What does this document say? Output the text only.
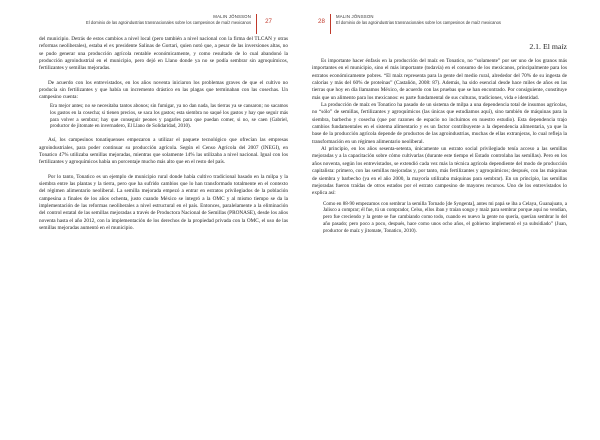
MALIN JÖNSSON
El dominio de las agroindustrias transnacionales sobre los campesinos de maíz mexicanos 27

del municipio. Detrás de estos cambios a nivel local (pero también a nivel nacional con la firma del TLCAN y otras reformas neoliberales), estaba el ex presidente Salinas de Gortari, quien notó que, a pesar de las inversiones altas, no se pudo generar una producción agrícola rentable económicamente, y como resultado de lo cual abandonó la producción agroindustrial en el municipio, pero dejó en Llano donde ya no se podía sembrar sin agroquímicos, fertilizantes y semillas mejoradas.

De acuerdo con los entrevistados, en los años noventa iniciaron los problemas graves de que el cultivo no producía sin fertilizantes y que había un incremento drástico en las plagas que terminaban con las cosechas. Un campesino cuenta:

Era mejor antes; no se necesitaba tantos abonos; sin fumigar, ya no dan nada, las tierras ya se cansaron; no sacamos los gastos en la cosecha; si tienen precios, se saca los gastos; esta siembra no saqué los gastos y hay que seguir más para volver a sembrar; hay que conseguir peones y pagarles para que puedan comer, si no, se caen (Gabriel, productor de jitomate en invernadero, El Llano de Solidaridad, 2010).

Así, los campesinos tonatiquenses empezaron a utilizar el paquete tecnológico que ofrecían las empresas agroindustriales, para poder continuar su producción agrícola. Según el Censo Agrícola del 2007 (INEGI), en Tonatico 47% utilizaba semillas mejoradas, mientras que solamente 14% las utilizaba a nivel nacional. Igual con los fertilizantes y agroquímicos había un porcentaje mucho más alto que en el resto del país.

Por lo tanto, Tonatico es un ejemplo de municipio rural donde había cultivo tradicional basado en la milpa y la siembra entre las plantas y la tierra, pero que ha sufrido cambios que lo han transformado totalmente en el contexto del régimen alimentario neoliberal. La semilla mejorada empezó a entrar en estratos privilegiados de la población campesina a finales de los años ochenta, justo cuando México se integró a la OMC y al mismo tiempo se da la implementación de las reformas neoliberales a nivel estructural en el país. Entonces, paralelamente a la eliminación del control estatal de las semillas mejoradas a través de Productora Nacional de Semillas (PRONASE), desde los años noventa hasta el año 2012, con la implementación de los derechos de la propiedad privada con la OMC, el uso de las semillas mejoradas aumentó en el municipio.

28
MALIN JÖNSSON
El dominio de las agroindustrias transnacionales sobre los campesinos de maíz mexicanos
2.1. El maíz

Es importante hacer énfasis en la producción del maíz en Tonatico, no “solamente” por ser uno de los granos más importantes en el municipio, sino el más importante (todavía) en el consumo de los mexicanos, principalmente para los estratos económicamente pobres. “El maíz representa para la gente del medio rural, alrededor del 70% de su ingesta de calorías y más del 60% de proteínas” (Castañón, 2008: 87). Además, ha sido esencial desde hace miles de años en las tierras que hoy en día llamamos México, de acuerdo con las pruebas que se han encontrado. Por consiguiente, constituye más que un alimento para los mexicanos: es parte fundamental de sus culturas, tradiciones, vida e identidad.

La producción de maíz en Tonatico ha pasado de un sistema de milpa a una dependencia total de insumos agrícolas, no “sólo” de semillas, fertilizantes y agroquímicos (las únicas que estudiamos aquí), sino también de máquinas para la siembra, barbecho y cosecha (que por razones de espacio no incluimos en nuestro estudio). Esta dependencia trajo cambios fundamentales en el sistema alimentario y es un factor contribuyente a la dependencia alimentaria, ya que la base de la producción agrícola depende de productos de las agroindustrias, muchas de ellas extranjeras, lo cual refleja la transformación en un régimen alimentario neoliberal.

Al principio, en los años sesenta-setenta, únicamente un estrato social privilegiado tenía acceso a las semillas mejoradas y a la capacitación sobre cómo cultivarlas (durante este tiempo el Estado controlaba las semillas). Pero en los años noventa, según los entrevistados, se extendió cada vez más la técnica agrícola dependiente del modo de producción capitalista: primero, con las semillas mejoradas y, por tanto, más fertilizantes y agroquímicos; después, con las máquinas de siembra y barbecho (ya en el año 2000, la mayoría utilizaba máquinas para sembrar). En un principio, las semillas mejoradas fueron traídas de otros estados por el estrato campesino de mayores recursos. Uno de los entrevistados lo explica así:

Como en 88-90 empezamos con sembrar la semilla Tornado [de Syngenta], antes mi papá se iba a Celaya, Guanajuato, a Jalisco a comprar; él fue, tú un comprador, Celso, ellos iban y traían songo y maíz para sembrar porque aquí no vendían, pero fue creciendo y la gente se fue cambiando como todo, cuando es nuevo la gente no quería, querían sembrar lo del año pasado; pero poco a poco, después, hace como unos ocho años, el gobierno implementó el ya subsidiado” (Juan, productor de maíz y jitomate, Tonatico, 2010).
